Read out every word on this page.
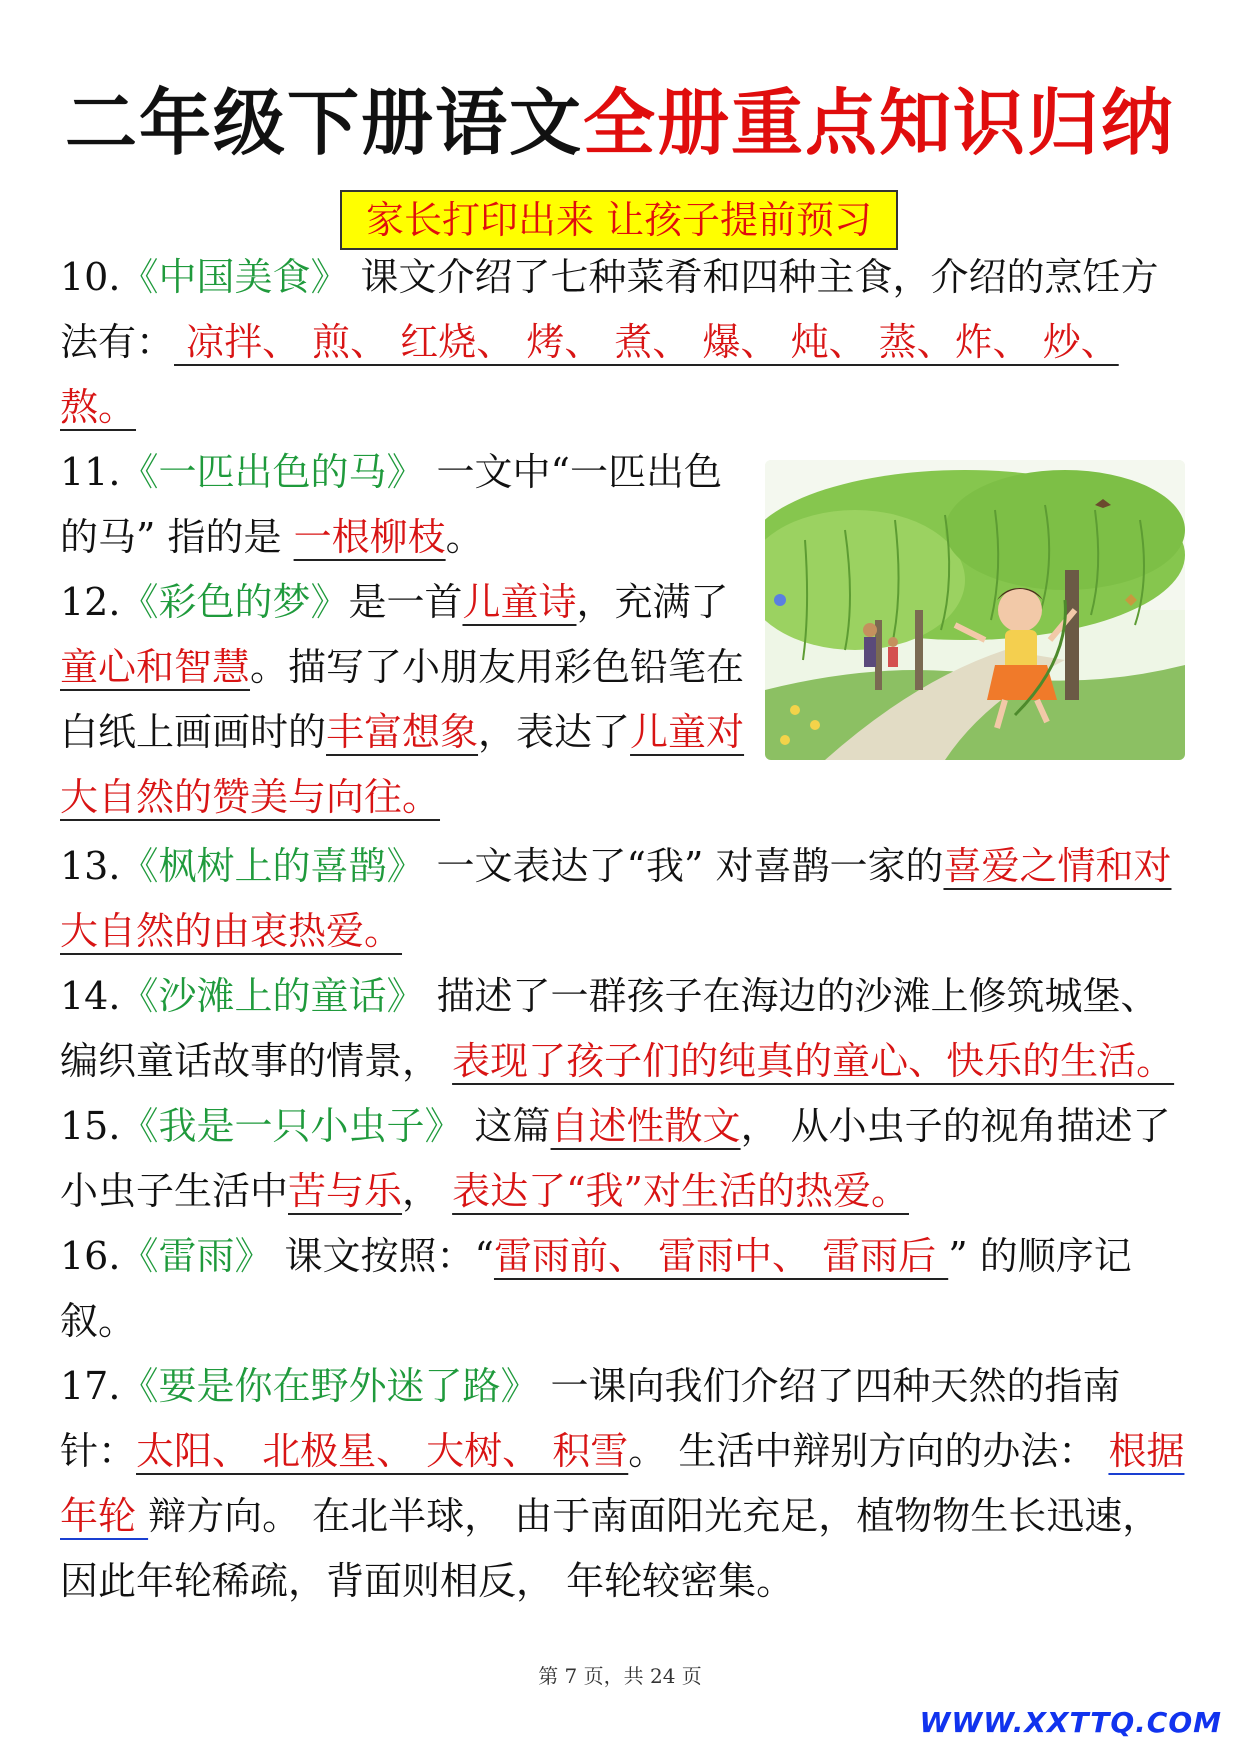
二年级下册语文全册重点知识归纳
家长打印出来 让孩子提前预习

10.《中国美食》 课文介绍了七种菜肴和四种主食，介绍的烹饪方法有： 凉拌、 煎、 红烧、 烤、 煮、 爆、 炖、 蒸、炸、 炒、 熬。

11.《一匹出色的马》 一文中“一匹出色的马” 指的是 一根柳枝。

12.《彩色的梦》是一首儿童诗，充满了童心和智慧。描写了小朋友用彩色铅笔在白纸上画画时的丰富想象，表达了儿童对大自然的赞美与向往。

13.《枫树上的喜鹊》 一文表达了“我” 对喜鹊一家的喜爱之情和对大自然的由衷热爱。

14.《沙滩上的童话》 描述了一群孩子在海边的沙滩上修筑城堡、 编织童话故事的情景， 表现了孩子们的纯真的童心、快乐的生活。

15.《我是一只小虫子》 这篇自述性散文， 从小虫子的视角描述了小虫子生活中苦与乐， 表达了“我”对生活的热爱。

16.《雷雨》 课文按照：“雷雨前、 雷雨中、 雷雨后 ” 的顺序记叙。

17.《要是你在野外迷了路》 一课向我们介绍了四种天然的指南针：太阳、 北极星、 大树、 积雪。 生活中辩别方向的办法： 根据年轮 辩方向。 在北半球， 由于南面阳光充足，植物物生长迅速， 因此年轮稀疏，背面则相反， 年轮较密集。

第 7 页，共 24 页
WWW.XXTTQ.COM
